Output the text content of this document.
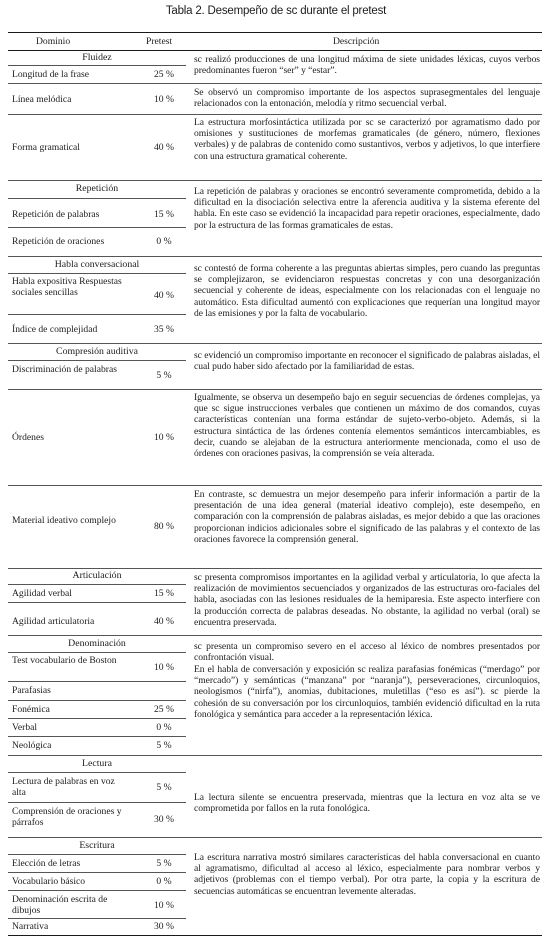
Tabla 2. Desempeño de sc durante el pretest
Dominio	Pretest	Descripción
Fluidez
Longitud de la frase	25 %
sc realizó producciones de una longitud máxima de siete unidades léxicas, cuyos verbos predominantes fueron “ser” y “estar”.
Línea melódica	10 %
Se observó un compromiso importante de los aspectos suprasegmentales del lenguaje relacionados con la entonación, melodía y ritmo secuencial verbal.
Forma gramatical	40 %
La estructura morfosintáctica utilizada por sc se caracterizó por agramatismo dado por omisiones y sustituciones de morfemas gramaticales (de género, número, flexiones verbales) y de palabras de contenido como sustantivos, verbos y adjetivos, lo que interfiere con una estructura gramatical coherente.
Repetición
Repetición de palabras	15 %
Repetición de oraciones	0 %
La repetición de palabras y oraciones se encontró severamente comprometida, debido a la dificultad en la disociación selectiva entre la aferencia auditiva y la sistema eferente del habla. En este caso se evidenció la incapacidad para repetir oraciones, especialmente, dado por la estructura de las formas gramaticales de estas.
Habla conversacional
Habla expositiva Respuestas sociales sencillas	40 %
Índice de complejidad	35 %
sc contestó de forma coherente a las preguntas abiertas simples, pero cuando las preguntas se complejizaron, se evidenciaron respuestas concretas y con una desorganización secuencial y coherente de ideas, especialmente con los relacionadas con el lenguaje no automático. Esta dificultad aumentó con explicaciones que requerían una longitud mayor de las emisiones y por la falta de vocabulario.
Compresión auditiva
Discriminación de palabras
5 %
sc evidenció un compromiso importante en reconocer el significado de palabras aisladas, el cual pudo haber sido afectado por la familiaridad de estas.
Órdenes	10 %
Igualmente, se observa un desempeño bajo en seguir secuencias de órdenes complejas, ya que sc sigue instrucciones verbales que contienen un máximo de dos comandos, cuyas características contenían una forma estándar de sujeto-verbo-objeto. Además, si la estructura sintáctica de las órdenes contenía elementos semánticos intercambiables, es decir, cuando se alejaban de la estructura anteriormente mencionada, como el uso de órdenes con oraciones pasivas, la comprensión se veía alterada.
Material ideativo complejo
80 %
En contraste, sc demuestra un mejor desempeño para inferir información a partir de la presentación de una idea general (material ideativo complejo), este desempeño, en comparación con la comprensión de palabras aisladas, es mejor debido a que las oraciones proporcionan indicios adicionales sobre el significado de las palabras y el contexto de las oraciones favorece la comprensión general.
Articulación
Agilidad verbal	15 %
Agilidad articulatoria	40 %
sc presenta compromisos importantes en la agilidad verbal y articulatoria, lo que afecta la realización de movimientos secuenciados y organizados de las estructuras oro-faciales del habla, asociadas con las lesiones residuales de la hemiparesia. Este aspecto interfiere con la producción correcta de palabras deseadas. No obstante, la agilidad no verbal (oral) se encuentra preservada.
Denominación
Test vocabulario de Boston
10 %
Parafasias
Fonémica	25 %
Verbal	0 %
Neológica	5 %
sc presenta un compromiso severo en el acceso al léxico de nombres presentados por confrontación visual.
En el habla de conversación y exposición sc realiza parafasias fonémicas (“merdago” por “mercado”) y semánticas (“manzana” por “naranja”), perseveraciones, circunloquios, neologismos (“nirfa”), anomias, dubitaciones, muletillas (“eso es así”). sc pierde la cohesión de su conversación por los circunloquios, también evidenció dificultad en la ruta fonológica y semántica para acceder a la representación léxica.
Lectura
Lectura de palabras en voz alta	5 %
Comprensión de oraciones y párrafos	30 %
La lectura silente se encuentra preservada, mientras que la lectura en voz alta se ve comprometida por fallos en la ruta fonológica.
Escritura
Elección de letras	5 %
Vocabulario básico	0 %
Denominación escrita de dibujos	10 %
Narrativa	30 %
La escritura narrativa mostró similares características del habla conversacional en cuanto al agramatismo, dificultad al acceso al léxico, especialmente para nombrar verbos y adjetivos (problemas con el tiempo verbal). Por otra parte, la copia y la escritura de secuencias automáticas se encuentran levemente alteradas.
